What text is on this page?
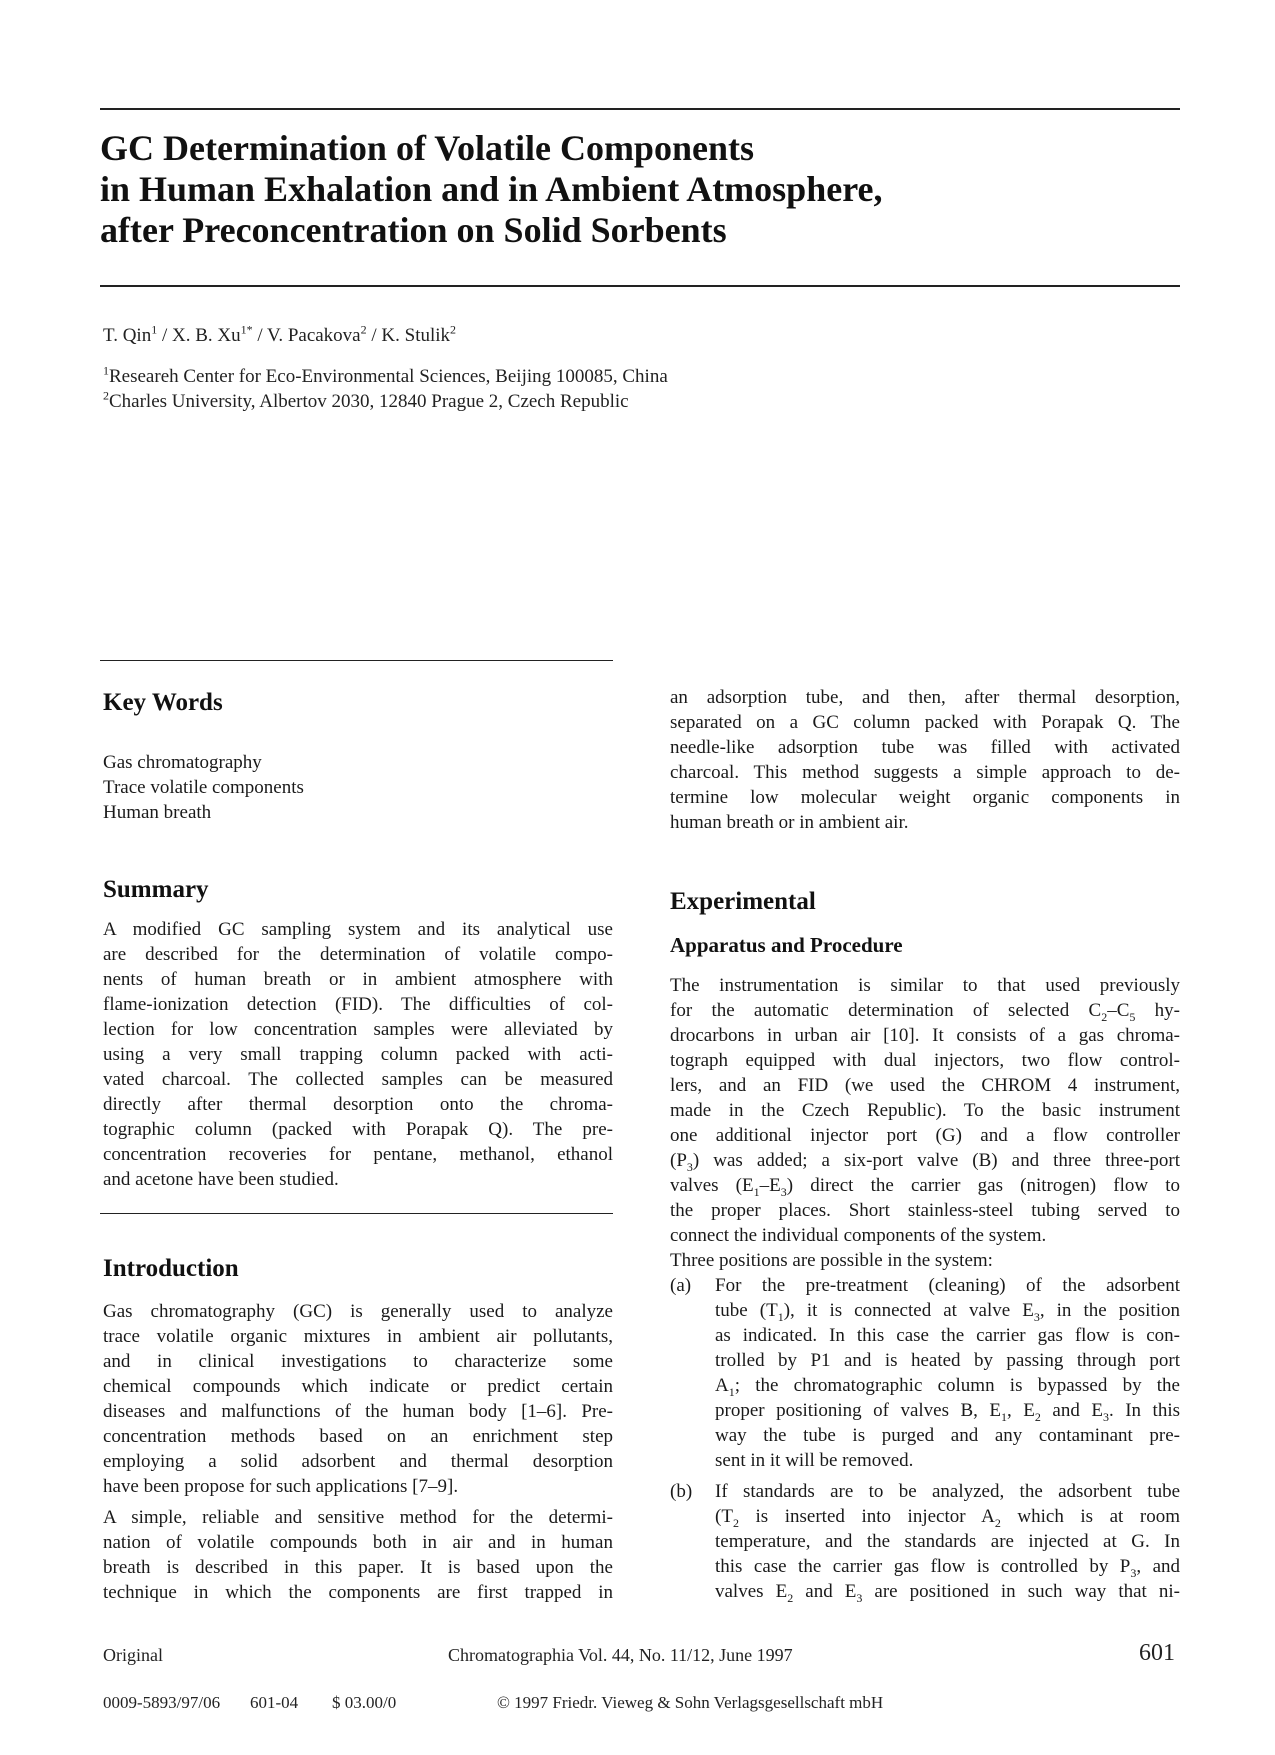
GC Determination of Volatile Components
in Human Exhalation and in Ambient Atmosphere,
after Preconcentration on Solid Sorbents
T. Qin$^1$ / X. B. $Xu^{1*}$ / V. Pacakova$^2$ / K. Stulik$^2$
$^1$Researeh Center for Eco-Environmental Sciences, Beijing 100085, China
$^2$Charles University, Albertov 2030, 12840 Prague 2, Czech Republic
Key Words
Gas chromatography
Trace volatile components
Human breath
Summary

A modified GC sampling system and its analytical use

are described for the determination of volatile compo-

nents of human breath or in ambient atmosphere with

flame-ionization detection (FID). The difficulties of col-

lection for low concentration samples were alleviated by

using a very small trapping column packed with acti-

vated charcoal. The collected samples can be measured

directly after thermal desorption onto the chroma-

tographic column (packed with Porapak Q). The pre-

concentration recoveries for pentane, methanol, ethanol

and acetone have been studied.

Introduction

Gas chromatography (GC) is generally used to analyze

trace volatile organic mixtures in ambient air pollutants,

and in clinical investigations to characterize some

chemical compounds which indicate or predict certain

diseases and malfunctions of the human body [1–6]. Pre-

concentration methods based on an enrichment step

employing a solid adsorbent and thermal desorption

have been propose for such applications [7–9].

A simple, reliable and sensitive method for the determi-

nation of volatile compounds both in air and in human

breath is described in this paper. It is based upon the

technique in which the components are first trapped in

an adsorption tube, and then, after thermal desorption,

separated on a GC column packed with Porapak Q. The

needle-like adsorption tube was filled with activated

charcoal. This method suggests a simple approach to de-

termine low molecular weight organic components in

human breath or in ambient air.

Experimental
Apparatus and Procedure

The instrumentation is similar to that used previously

for the automatic determination of selected $C_2-C_5$ hy-

drocarbons in urban air [10]. It consists of a gas chroma-

tograph equipped with dual injectors, two flow control-

lers, and an FID (we used the CHROM 4 instrument,

made in the Czech Republic). To the basic instrument

one additional injector port (G) and a flow controller

$(P_3)$ was added; a six-port valve (B) and three three-port

valves $(E_1-E_3)$ direct the carrier gas (nitrogen) flow to

the proper places. Short stainless-steel tubing served to

connect the individual components of the system.

Three positions are possible in the system:

(a) For the pre-treatment (cleaning) of the adsorbent

tube $(T_1)$, it is connected at valve $E_3$, in the position

as indicated. In this case the carrier gas flow is con-

trolled by P1 and is heated by passing through port

$A_1$; the chromatographic column is bypassed by the

proper positioning of valves B, $E_1$, $E_2$ and $E_3$. In this

way the tube is purged and any contaminant pre-

sent in it will be removed.

(b) If standards are to be analyzed, the adsorbent tube

($T_2$ is inserted into injector $A_2$ which is at room

temperature, and the standards are injected at G. In

this case the carrier gas flow is controlled by $P_3$, and

valves $E_2$ and $E_3$ are positioned in such way that ni-

Original	Chromatographia Vol. 44, No. 11/12, June 1997	601
0009-5893/97/06 601-04 $ 03.00/0	© 1997 Friedr. Vieweg & Sohn Verlagsgesellschaft mbH
